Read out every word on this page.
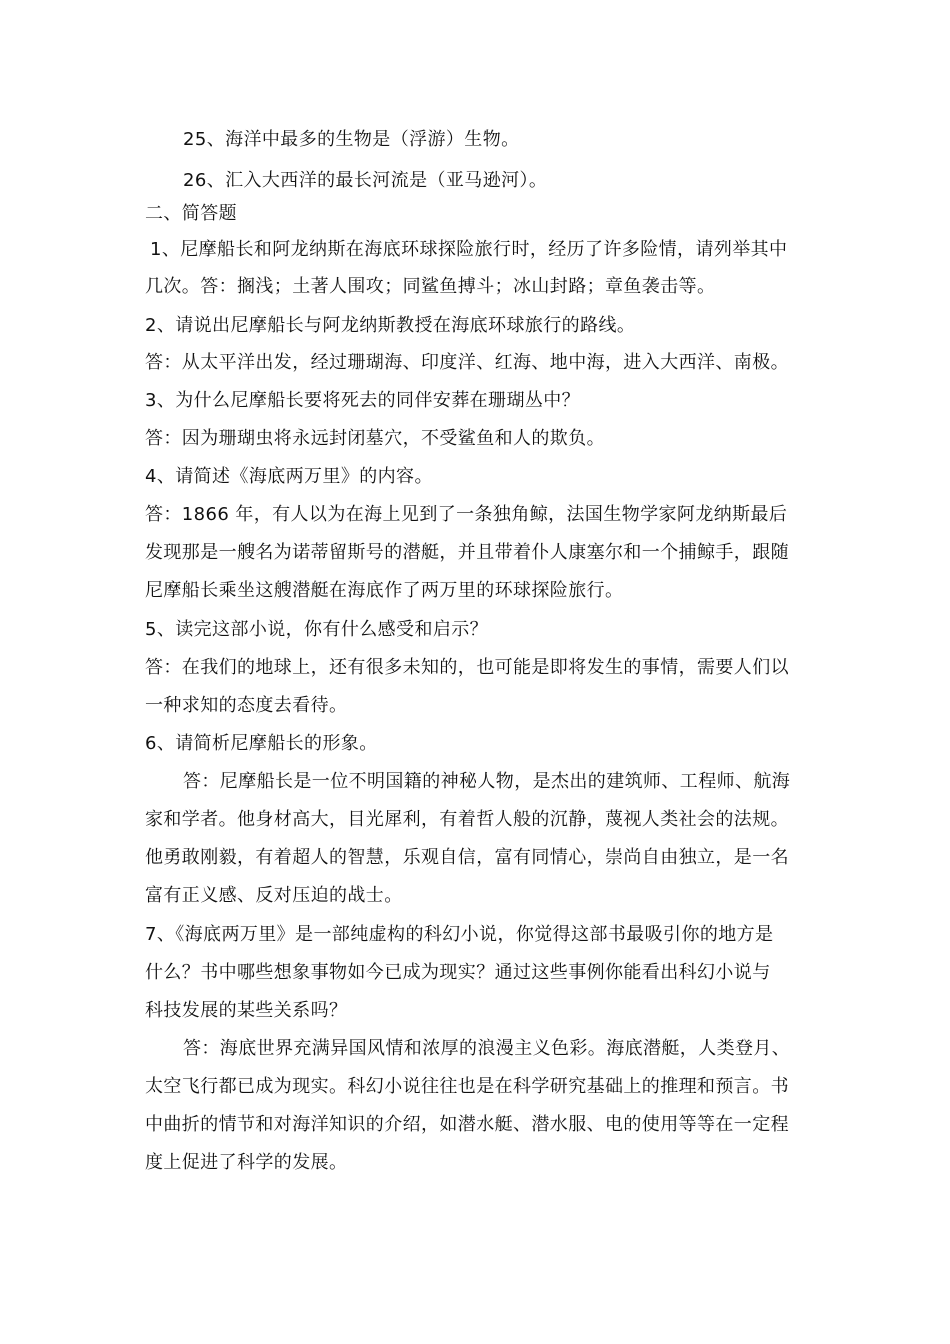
25、海洋中最多的生物是（浮游）生物。
26、汇入大西洋的最长河流是（亚马逊河）。
二、简答题
1、尼摩船长和阿龙纳斯在海底环球探险旅行时，经历了许多险情，请列举其中
几次。答：搁浅；土著人围攻；同鲨鱼搏斗；冰山封路；章鱼袭击等。
2、请说出尼摩船长与阿龙纳斯教授在海底环球旅行的路线。
答：从太平洋出发，经过珊瑚海、印度洋、红海、地中海，进入大西洋、南极。
3、为什么尼摩船长要将死去的同伴安葬在珊瑚丛中？
答：因为珊瑚虫将永远封闭墓穴，不受鲨鱼和人的欺负。
4、请简述《海底两万里》的内容。
答：1866 年，有人以为在海上见到了一条独角鲸，法国生物学家阿龙纳斯最后
发现那是一艘名为诺蒂留斯号的潜艇，并且带着仆人康塞尔和一个捕鲸手，跟随
尼摩船长乘坐这艘潜艇在海底作了两万里的环球探险旅行。
5、读完这部小说，你有什么感受和启示？
答：在我们的地球上，还有很多未知的，也可能是即将发生的事情，需要人们以
一种求知的态度去看待。
6、请简析尼摩船长的形象。
答：尼摩船长是一位不明国籍的神秘人物，是杰出的建筑师、工程师、航海
家和学者。他身材高大，目光犀利，有着哲人般的沉静，蔑视人类社会的法规。
他勇敢刚毅，有着超人的智慧，乐观自信，富有同情心，崇尚自由独立，是一名
富有正义感、反对压迫的战士。
7、《海底两万里》是一部纯虚构的科幻小说，你觉得这部书最吸引你的地方是
什么？书中哪些想象事物如今已成为现实？通过这些事例你能看出科幻小说与
科技发展的某些关系吗？
答：海底世界充满异国风情和浓厚的浪漫主义色彩。海底潜艇，人类登月、
太空飞行都已成为现实。科幻小说往往也是在科学研究基础上的推理和预言。书
中曲折的情节和对海洋知识的介绍，如潜水艇、潜水服、电的使用等等在一定程
度上促进了科学的发展。
